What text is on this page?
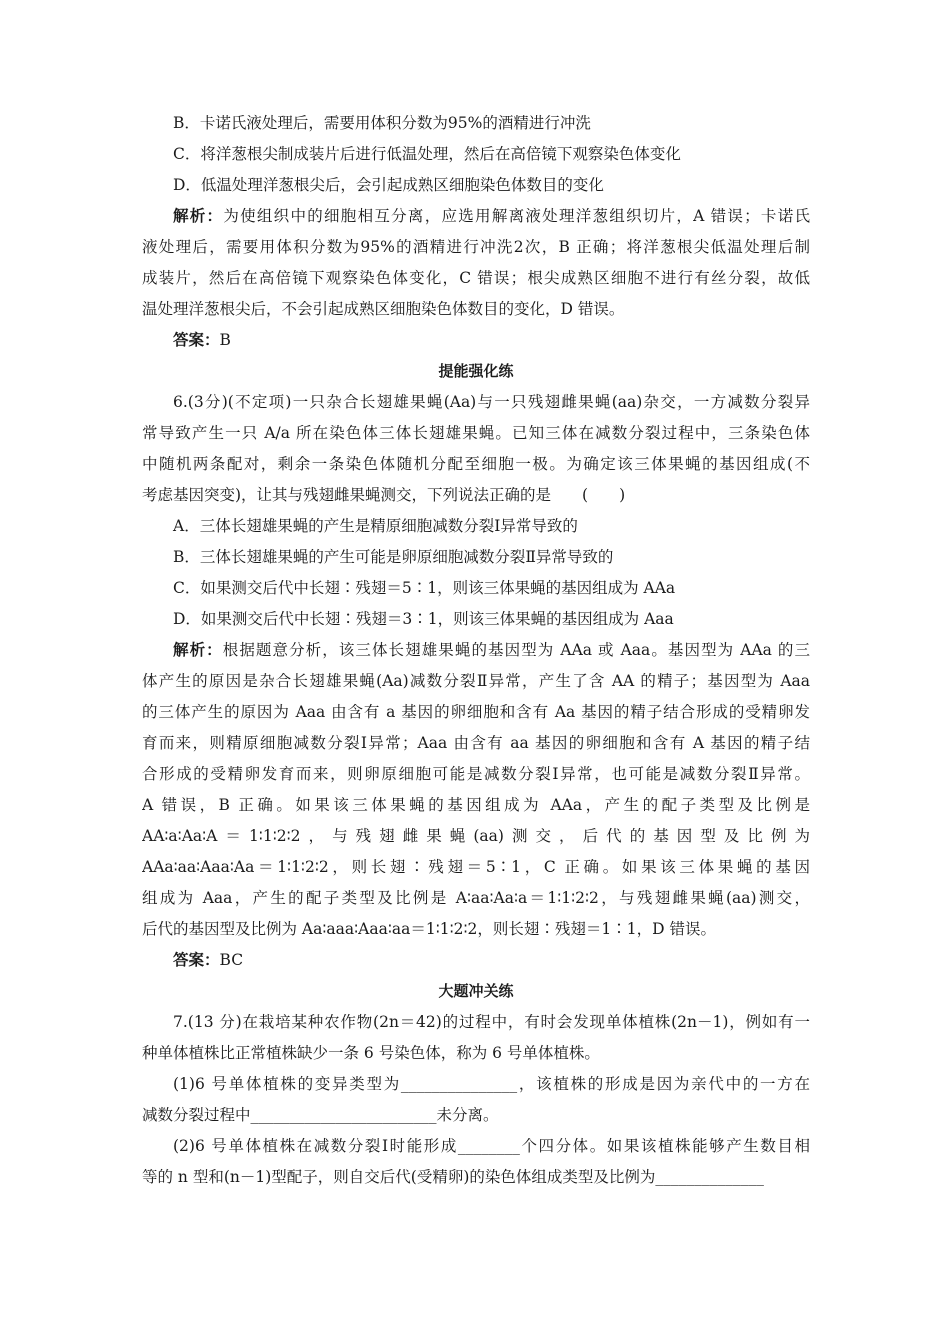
B．卡诺氏液处理后，需要用体积分数为95%的酒精进行冲洗
C．将洋葱根尖制成装片后进行低温处理，然后在高倍镜下观察染色体变化
D．低温处理洋葱根尖后，会引起成熟区细胞染色体数目的变化
解析：为使组织中的细胞相互分离，应选用解离液处理洋葱组织切片，A 错误；卡诺氏
液处理后，需要用体积分数为95%的酒精进行冲洗2次，B 正确；将洋葱根尖低温处理后制
成装片，然后在高倍镜下观察染色体变化，C 错误；根尖成熟区细胞不进行有丝分裂，故低
温处理洋葱根尖后，不会引起成熟区细胞染色体数目的变化，D 错误。
答案：B
提能强化练
6.(3分)(不定项)一只杂合长翅雄果蝇(Aa)与一只残翅雌果蝇(aa)杂交，一方减数分裂异
常导致产生一只 A/a 所在染色体三体长翅雄果蝇。已知三体在减数分裂过程中，三条染色体
中随机两条配对，剩余一条染色体随机分配至细胞一极。为确定该三体果蝇的基因组成(不
考虑基因突变)，让其与残翅雌果蝇测交，下列说法正确的是　　(　　)
A．三体长翅雄果蝇的产生是精原细胞减数分裂Ⅰ异常导致的
B．三体长翅雄果蝇的产生可能是卵原细胞减数分裂Ⅱ异常导致的
C．如果测交后代中长翅∶残翅＝5∶1，则该三体果蝇的基因组成为 AAa
D．如果测交后代中长翅∶残翅＝3∶1，则该三体果蝇的基因组成为 Aaa
解析：根据题意分析，该三体长翅雄果蝇的基因型为 AAa 或 Aaa。基因型为 AAa 的三
体产生的原因是杂合长翅雄果蝇(Aa)减数分裂Ⅱ异常，产生了含 AA 的精子；基因型为 Aaa
的三体产生的原因为 Aaa 由含有 a 基因的卵细胞和含有 Aa 基因的精子结合形成的受精卵发
育而来，则精原细胞减数分裂Ⅰ异常；Aaa 由含有 aa 基因的卵细胞和含有 A 基因的精子结
合形成的受精卵发育而来，则卵原细胞可能是减数分裂Ⅰ异常，也可能是减数分裂Ⅱ异常。
A 错误，B 正确。如果该三体果蝇的基因组成为 AAa，产生的配子类型及比例是
AA∶a∶Aa∶A＝1∶1∶2∶2，与残翅雌果蝇(aa)测交，后代的基因型及比例为
AAa∶aa∶Aaa∶Aa＝1∶1∶2∶2，则长翅∶残翅＝5∶1，C 正确。如果该三体果蝇的基因
组成为 Aaa，产生的配子类型及比例是 A∶aa∶Aa∶a＝1∶1∶2∶2，与残翅雌果蝇(aa)测交，
后代的基因型及比例为 Aa∶aaa∶Aaa∶aa＝1∶1∶2∶2，则长翅∶残翅＝1∶1，D 错误。
答案：BC
大题冲关练
7.(13 分)在栽培某种农作物(2n＝42)的过程中，有时会发现单体植株(2n－1)，例如有一
种单体植株比正常植株缺少一条 6 号染色体，称为 6 号单体植株。
(1)6 号单体植株的变异类型为_______________，该植株的形成是因为亲代中的一方在
减数分裂过程中________________________未分离。
(2)6 号单体植株在减数分裂Ⅰ时能形成________个四分体。如果该植株能够产生数目相
等的 n 型和(n－1)型配子，则自交后代(受精卵)的染色体组成类型及比例为______________
